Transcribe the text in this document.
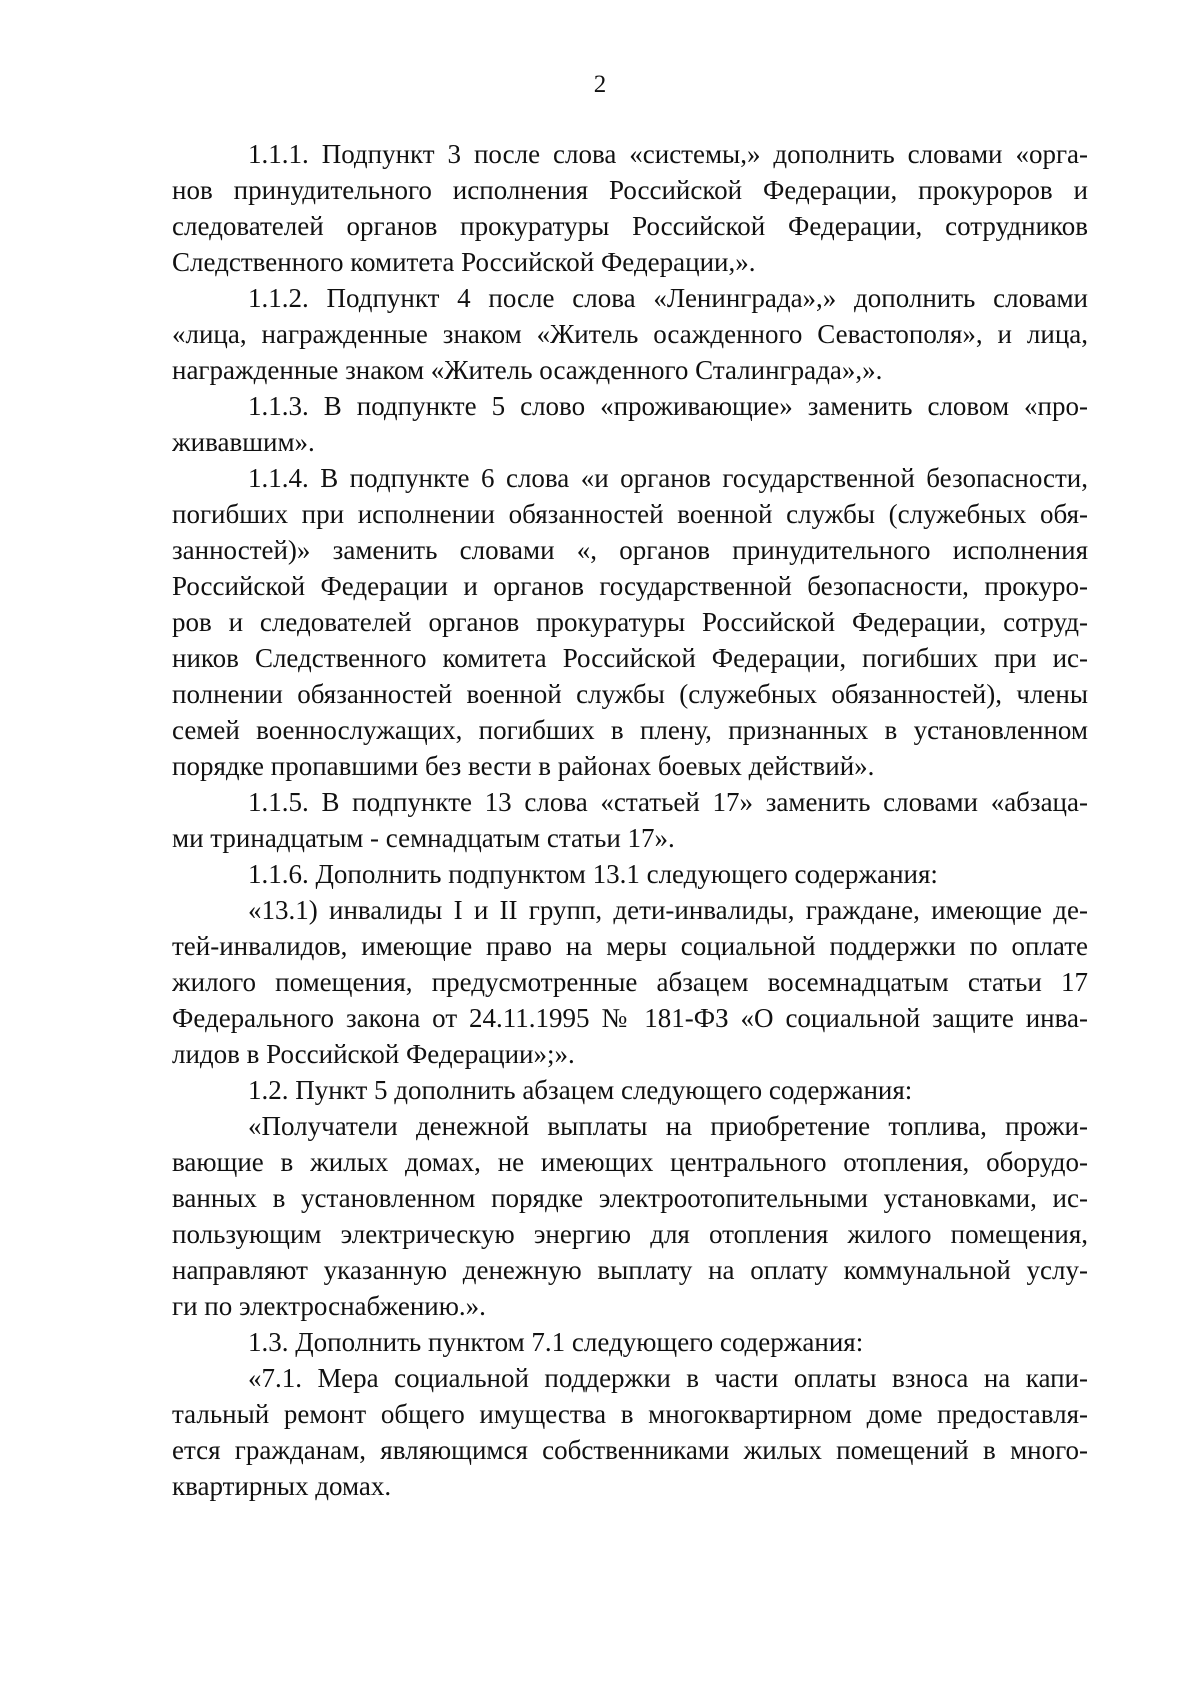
2

1.1.1. Подпункт 3 после слова «системы,» дополнить словами «орга-
нов принудительного исполнения Российской Федерации, прокуроров и
следователей органов прокуратуры Российской Федерации, сотрудников
Следственного комитета Российской Федерации,».

1.1.2. Подпункт 4 после слова «Ленинграда»,» дополнить словами
«лица, награжденные знаком «Житель осажденного Севастополя», и лица,
награжденные знаком «Житель осажденного Сталинграда»,».

1.1.3. В подпункте 5 слово «проживающие» заменить словом «про-
живавшим».

1.1.4. В подпункте 6 слова «и органов государственной безопасности,
погибших при исполнении обязанностей военной службы (служебных обя-
занностей)» заменить словами «, органов принудительного исполнения
Российской Федерации и органов государственной безопасности, прокуро-
ров и следователей органов прокуратуры Российской Федерации, сотруд-
ников Следственного комитета Российской Федерации, погибших при ис-
полнении обязанностей военной службы (служебных обязанностей), члены
семей военнослужащих, погибших в плену, признанных в установленном
порядке пропавшими без вести в районах боевых действий».

1.1.5. В подпункте 13 слова «статьей 17» заменить словами «абзаца-
ми тринадцатым - семнадцатым статьи 17».

1.1.6. Дополнить подпунктом 13.1 следующего содержания:

«13.1) инвалиды I и II групп, дети-инвалиды, граждане, имеющие де-
тей-инвалидов, имеющие право на меры социальной поддержки по оплате
жилого помещения, предусмотренные абзацем восемнадцатым статьи 17
Федерального закона от 24.11.1995 № 181-ФЗ «О социальной защите инва-
лидов в Российской Федерации»;».

1.2. Пункт 5 дополнить абзацем следующего содержания:

«Получатели денежной выплаты на приобретение топлива, прожи-
вающие в жилых домах, не имеющих центрального отопления, оборудо-
ванных в установленном порядке электроотопительными установками, ис-
пользующим электрическую энергию для отопления жилого помещения,
направляют указанную денежную выплату на оплату коммунальной услу-
ги по электроснабжению.».

1.3. Дополнить пунктом 7.1 следующего содержания:

«7.1. Мера социальной поддержки в части оплаты взноса на капи-
тальный ремонт общего имущества в многоквартирном доме предоставля-
ется гражданам, являющимся собственниками жилых помещений в много-
квартирных домах.
